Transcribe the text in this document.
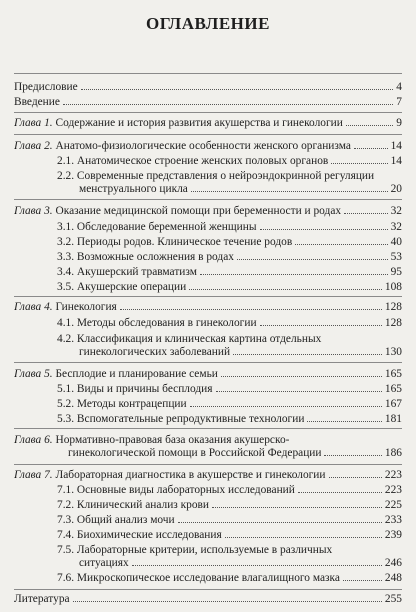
ОГЛАВЛЕНИЕ
Предисловие	4
Введение	7
Глава 1. Содержание и история развития акушерства и гинекологии	9
Глава 2. Анатомо-физиологические особенности женского организма	14
2.1. Анатомическое строение женских половых органов	14
2.2. Современные представления о нейроэндокринной регуляции
менструального цикла	20
Глава 3. Оказание медицинской помощи при беременности и родах	32
3.1. Обследование беременной женщины	32
3.2. Периоды родов. Клиническое течение родов	40
3.3. Возможные осложнения в родах	53
3.4. Акушерский травматизм	95
3.5. Акушерские операции	108
Глава 4. Гинекология	128
4.1. Методы обследования в гинекологии	128
4.2. Классификация и клиническая картина отдельных
гинекологических заболеваний	130
Глава 5. Бесплодие и планирование семьи	165
5.1. Виды и причины бесплодия	165
5.2. Методы контрацепции	167
5.3. Вспомогательные репродуктивные технологии	181
Глава 6. Нормативно-правовая база оказания акушерско-
гинекологической помощи в Российской Федерации	186
Глава 7. Лабораторная диагностика в акушерстве и гинекологии	223
7.1. Основные виды лабораторных исследований	223
7.2. Клинический анализ крови	225
7.3. Общий анализ мочи	233
7.4. Биохимические исследования	239
7.5. Лабораторные критерии, используемые в различных
ситуациях	246
7.6. Микроскопическое исследование влагалищного мазка	248
Литература	255
